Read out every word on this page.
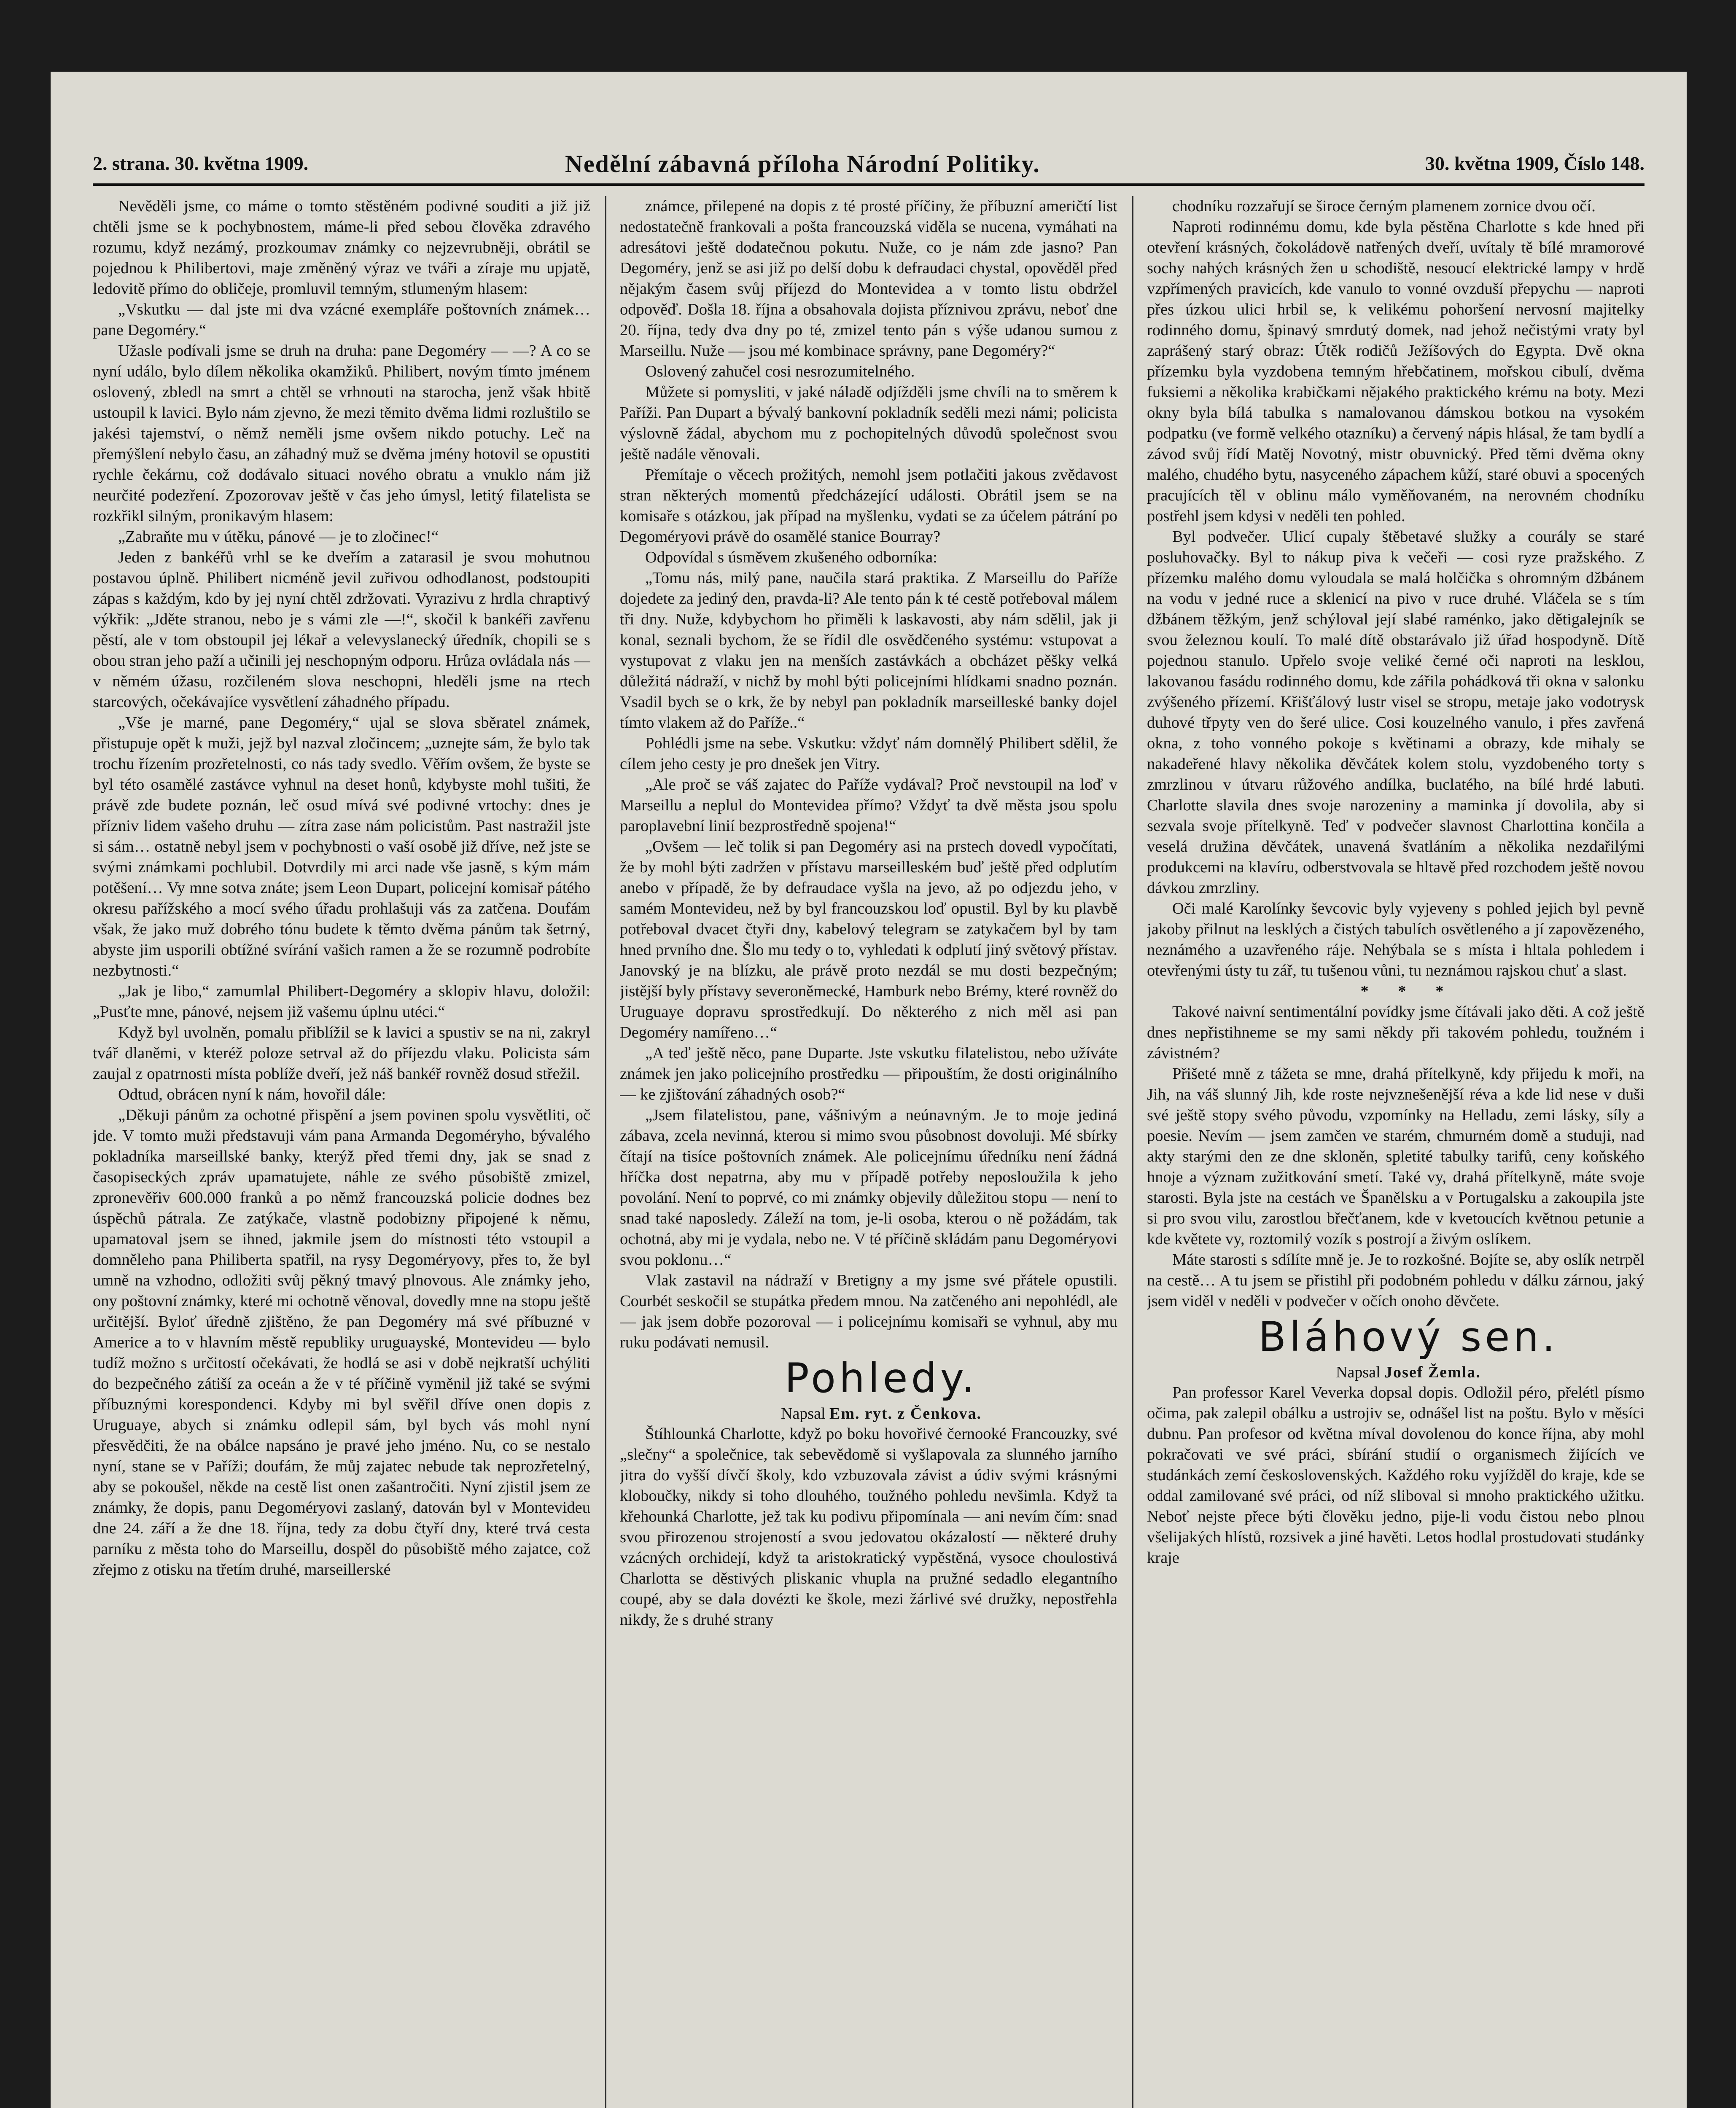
2. strana. 30. května 1909.	Nedělní zábavná příloha Národní Politiky.	30. května 1909, Číslo 148.

Nevěděli jsme, co máme o tomto stěstěném podivné souditi a již již chtěli jsme se k pochybnostem, máme-li před sebou člověka zdravého rozumu, když nezámý, prozkoumav známky co nejzevrubněji, obrátil se pojednou k Philibertovi, maje změněný výraz ve tváři a zíraje mu upjatě, ledovitě přímo do obličeje, promluvil temným, stlumeným hlasem:

„Vskutku — dal jste mi dva vzácné exempláře poštovních známek… pane Degoméry.“

Užasle podívali jsme se druh na druha: pane Degoméry — —? A co se nyní událo, bylo dílem několika okamžiků. Philibert, novým tímto jménem oslovený, zbledl na smrt a chtěl se vrhnouti na starocha, jenž však hbitě ustoupil k lavici. Bylo nám zjevno, že mezi těmito dvěma lidmi rozluštilo se jakési tajemství, o němž neměli jsme ovšem nikdo potuchy. Leč na přemýšlení nebylo času, an záhadný muž se dvěma jmény hotovil se opustiti rychle čekárnu, což dodávalo situaci nového obratu a vnuklo nám již neurčité podezření. Zpozorovav ještě v čas jeho úmysl, letitý filatelista se rozkřikl silným, pronikavým hlasem:

„Zabraňte mu v útěku, pánové — je to zločinec!“

Jeden z bankéřů vrhl se ke dveřím a zatarasil je svou mohutnou postavou úplně. Philibert nicméně jevil zuřivou odhodlanost, podstoupiti zápas s každým, kdo by jej nyní chtěl zdržovati. Vyrazivu z hrdla chraptivý výkřik: „Jděte stranou, nebo je s vámi zle —!“, skočil k bankéři zavřenu pěstí, ale v tom obstoupil jej lékař a velevyslanecký úředník, chopili se s obou stran jeho paží a učinili jej neschopným odporu. Hrůza ovládala nás — v němém úžasu, rozčileném slova neschopni, hleděli jsme na rtech starcových, očekávajíce vysvětlení záhadného případu.

„Vše je marné, pane Degoméry,“ ujal se slova sběratel známek, přistupuje opět k muži, jejž byl nazval zločincem; „uznejte sám, že bylo tak trochu řízením prozřetelnosti, co nás tady svedlo. Věřím ovšem, že byste se byl této osamělé zastávce vyhnul na deset honů, kdybyste mohl tušiti, že právě zde budete poznán, leč osud mívá své podivné vrtochy: dnes je přízniv lidem vašeho druhu — zítra zase nám policistům. Past nastražil jste si sám… ostatně nebyl jsem v pochybnosti o vaší osobě již dříve, než jste se svými známkami pochlubil. Dotvrdily mi arci nade vše jasně, s kým mám potěšení… Vy mne sotva znáte; jsem Leon Dupart, policejní komisař pátého okresu pařížského a mocí svého úřadu prohlašuji vás za zatčena. Doufám však, že jako muž dobrého tónu budete k těmto dvěma pánům tak šetrný, abyste jim usporili obtížné svírání vašich ramen a že se rozumně podrobíte nezbytnosti.“

„Jak je libo,“ zamumlal Philibert-Degoméry a sklopiv hlavu, doložil: „Pusťte mne, pánové, nejsem již vašemu úplnu utéci.“

Když byl uvolněn, pomalu přiblížil se k lavici a spustiv se na ni, zakryl tvář dlaněmi, v kteréž poloze setrval až do příjezdu vlaku. Policista sám zaujal z opatrnosti místa poblíže dveří, jež náš bankéř rovněž dosud střežil.

Odtud, obrácen nyní k nám, hovořil dále:

„Děkuji pánům za ochotné přispění a jsem povinen spolu vysvětliti, oč jde. V tomto muži představuji vám pana Armanda Degoméryho, bývalého pokladníka marseillské banky, kterýž před třemi dny, jak se snad z časopiseckých zpráv upamatujete, náhle ze svého působiště zmizel, zpronevěřiv 600.000 franků a po němž francouzská policie dodnes bez úspěchů pátrala. Ze zatýkače, vlastně podobizny připojené k němu, upamatoval jsem se ihned, jakmile jsem do místnosti této vstoupil a domněleho pana Philiberta spatřil, na rysy Degoméryovy, přes to, že byl umně na vzhodno, odložiti svůj pěkný tmavý plnovous. Ale známky jeho, ony poštovní známky, které mi ochotně věnoval, dovedly mne na stopu ještě určitější. Byloť úředně zjištěno, že pan Degoméry má své příbuzné v Americe a to v hlavním městě republiky uruguayské, Montevideu — bylo tudíž možno s určitostí očekávati, že hodlá se asi v době nejkratší uchýliti do bezpečného zátiší za oceán a že v té příčině vyměnil již také se svými příbuznými korespondenci. Kdyby mi byl svěřil dříve onen dopis z Uruguaye, abych si známku odlepil sám, byl bych vás mohl nyní přesvědčiti, že na obálce napsáno je pravé jeho jméno. Nu, co se nestalo nyní, stane se v Paříži; doufám, že můj zajatec nebude tak neprozřetelný, aby se pokoušel, někde na cestě list onen zašantročiti. Nyní zjistil jsem ze známky, že dopis, panu Degoméryovi zaslaný, datován byl v Montevideu dne 24. září a že dne 18. října, tedy za dobu čtyří dny, které trvá cesta parníku z města toho do Marseillu, dospěl do působiště mého zajatce, což zřejmo z otisku na třetím druhé, marseillerské

známce, přilepené na dopis z té prosté příčiny, že příbuzní američtí list nedostatečně frankovali a pošta francouzská viděla se nucena, vymáhati na adresátovi ještě dodatečnou pokutu. Nuže, co je nám zde jasno? Pan Degoméry, jenž se asi již po delší dobu k defraudaci chystal, opověděl před nějakým časem svůj příjezd do Montevidea a v tomto listu obdržel odpověď. Došla 18. října a obsahovala dojista příznivou zprávu, neboť dne 20. října, tedy dva dny po té, zmizel tento pán s výše udanou sumou z Marseillu. Nuže — jsou mé kombinace správny, pane Degoméry?“

Oslovený zahučel cosi nesrozumitelného.

Můžete si pomysliti, v jaké náladě odjížděli jsme chvíli na to směrem k Paříži. Pan Dupart a bývalý bankovní pokladník seděli mezi námi; policista výslovně žádal, abychom mu z pochopitelných důvodů společnost svou ještě nadále věnovali.

Přemítaje o věcech prožitých, nemohl jsem potlačiti jakous zvědavost stran některých momentů předcházející události. Obrátil jsem se na komisaře s otázkou, jak případ na myšlenku, vydati se za účelem pátrání po Degoméryovi právě do osamělé stanice Bourray?

Odpovídal s úsměvem zkušeného odborníka:

„Tomu nás, milý pane, naučila stará praktika. Z Marseillu do Paříže dojedete za jediný den, pravda-li? Ale tento pán k té cestě potřeboval málem tři dny. Nuže, kdybychom ho přiměli k laskavosti, aby nám sdělil, jak ji konal, seznali bychom, že se řídil dle osvědčeného systému: vstupovat a vystupovat z vlaku jen na menších zastávkách a obcházet pěšky velká důležitá nádraží, v nichž by mohl býti policejními hlídkami snadno poznán. Vsadil bych se o krk, že by nebyl pan pokladník marseilleské banky dojel tímto vlakem až do Paříže..“

Pohlédli jsme na sebe. Vskutku: vždyť nám domnělý Philibert sdělil, že cílem jeho cesty je pro dnešek jen Vitry.

„Ale proč se váš zajatec do Paříže vydával? Proč nevstoupil na loď v Marseillu a neplul do Montevidea přímo? Vždyť ta dvě města jsou spolu paroplavební linií bezprostředně spojena!“

„Ovšem — leč tolik si pan Degoméry asi na prstech dovedl vypočítati, že by mohl býti zadržen v přístavu marseilleském buď ještě před odplutím anebo v případě, že by defraudace vyšla na jevo, až po odjezdu jeho, v samém Montevideu, než by byl francouzskou loď opustil. Byl by ku plavbě potřeboval dvacet čtyři dny, kabelový telegram se zatykačem byl by tam hned prvního dne. Šlo mu tedy o to, vyhledati k odplutí jiný světový přístav. Janovský je na blízku, ale právě proto nezdál se mu dosti bezpečným; jistější byly přístavy severoněmecké, Hamburk nebo Brémy, které rovněž do Uruguaye dopravu sprostředkují. Do některého z nich měl asi pan Degoméry namířeno…“

„A teď ještě něco, pane Duparte. Jste vskutku filatelistou, nebo užíváte známek jen jako policejního prostředku — připouštím, že dosti originálního — ke zjištování záhadných osob?“

„Jsem filatelistou, pane, vášnivým a neúnavným. Je to moje jediná zábava, zcela nevinná, kterou si mimo svou působnost dovoluji. Mé sbírky čítají na tisíce poštovních známek. Ale policejnímu úředníku není žádná hříčka dost nepatrna, aby mu v případě potřeby neposloužila k jeho povolání. Není to poprvé, co mi známky objevily důležitou stopu — není to snad také naposledy. Záleží na tom, je-li osoba, kterou o ně požádám, tak ochotná, aby mi je vydala, nebo ne. V té příčině skládám panu Degoméryovi svou poklonu…“

Vlak zastavil na nádraží v Bretigny a my jsme své přátele opustili. Courbét seskočil se stupátka předem mnou. Na zatčeného ani nepohlédl, ale — jak jsem dobře pozoroval — i policejnímu komisaři se vyhnul, aby mu ruku podávati nemusil.

Pohledy.

Napsal Em. ryt. z Čenkova.

Štíhlounká Charlotte, když po boku hovořivé černooké Francouzky, své „slečny“ a společnice, tak sebevědomě si vyšlapovala za slunného jarního jitra do vyšší dívčí školy, kdo vzbuzovala závist a údiv svými krásnými kloboučky, nikdy si toho dlouhého, toužného pohledu nevšimla. Když ta křehounká Charlotte, jež tak ku podivu připomínala — ani nevím čím: snad svou přirozenou strojeností a svou jedovatou okázalostí — některé druhy vzácných orchidejí, když ta aristokratický vypěstěná, vysoce choulostivá Charlotta se děstivých pliskanic vhupla na pružné sedadlo elegantního coupé, aby se dala dovézti ke škole, mezi žárlivé své družky, nepostřehla nikdy, že s druhé strany

chodníku rozzařují se široce černým plamenem zornice dvou očí.

Naproti rodinnému domu, kde byla pěstěna Charlotte s kde hned při otevření krásných, čokoládově natřených dveří, uvítaly tě bílé mramorové sochy nahých krásných žen u schodiště, nesoucí elektrické lampy v hrdě vzpřímených pravicích, kde vanulo to vonné ovzduší přepychu — naproti přes úzkou ulici hrbil se, k velikému pohoršení nervosní majitelky rodinného domu, špinavý smrdutý domek, nad jehož nečistými vraty byl zaprášený starý obraz: Útěk rodičů Ježíšových do Egypta. Dvě okna přízemku byla vyzdobena temným hřebčatinem, mořskou cibulí, dvěma fuksiemi a několika krabičkami nějakého praktického krému na boty. Mezi okny byla bílá tabulka s namalovanou dámskou botkou na vysokém podpatku (ve formě velkého otazníku) a červený nápis hlásal, že tam bydlí a závod svůj řídí Matěj Novotný, mistr obuvnický. Před těmi dvěma okny malého, chudého bytu, nasyceného zápachem kůží, staré obuvi a spocených pracujících těl v oblinu málo vyměňovaném, na nerovném chodníku postřehl jsem kdysi v neděli ten pohled.

Byl podvečer. Ulicí cupaly štěbetavé služky a courály se staré posluhovačky. Byl to nákup piva k večeři — cosi ryze pražského. Z přízemku malého domu vyloudala se malá holčička s ohromným džbánem na vodu v jedné ruce a sklenicí na pivo v ruce druhé. Vláčela se s tím džbánem těžkým, jenž schýloval její slabé raménko, jako dětigalejník se svou železnou koulí. To malé dítě obstarávalo již úřad hospodyně. Dítě pojednou stanulo. Upřelo svoje veliké černé oči naproti na lesklou, lakovanou fasádu rodinného domu, kde zářila pohádková tři okna v salonku zvýšeného přízemí. Křišťálový lustr visel se stropu, metaje jako vodotrysk duhové třpyty ven do šeré ulice. Cosi kouzelného vanulo, i přes zavřená okna, z toho vonného pokoje s květinami a obrazy, kde mihaly se nakadeřené hlavy několika děvčátek kolem stolu, vyzdobeného torty s zmrzlinou v útvaru růžového andílka, buclatého, na bílé hrdé labuti. Charlotte slavila dnes svoje narozeniny a maminka jí dovolila, aby si sezvala svoje přítelkyně. Teď v podvečer slavnost Charlottina končila a veselá družina děvčátek, unavená švatláním a několika nezdařilými produkcemi na klavíru, odberstvovala se hltavě před rozchodem ještě novou dávkou zmrzliny.

Oči malé Karolínky ševcovic byly vyjeveny s pohled jejich byl pevně jakoby přilnut na lesklých a čistých tabulích osvětleného a jí zapovězeného, neznámého a uzavřeného ráje. Nehýbala se s místa i hltala pohledem i otevřenými ústy tu zář, tu tušenou vůni, tu neznámou rajskou chuť a slast.

* * *

Takové naivní sentimentální povídky jsme čítávali jako děti. A což ještě dnes nepřistihneme se my sami někdy při takovém pohledu, toužném i závistném?

Přišeté mně z tážeta se mne, drahá přítelkyně, kdy přijedu k moři, na Jih, na váš slunný Jih, kde roste nejvznešenější réva a kde lid nese v duši své ještě stopy svého původu, vzpomínky na Helladu, zemi lásky, síly a poesie. Nevím — jsem zamčen ve starém, chmurném domě a studuji, nad akty starými den ze dne skloněn, spletité tabulky tarifů, ceny koňského hnoje a význam zužitkování smetí. Také vy, drahá přítelkyně, máte svoje starosti. Byla jste na cestách ve Španělsku a v Portugalsku a zakoupila jste si pro svou vilu, zarostlou břečťanem, kde v kvetoucích květnou petunie a kde květete vy, roztomilý vozík s postrojí a živým oslíkem.

Máte starosti s sdílíte mně je. Je to rozkošné. Bojíte se, aby oslík netrpěl na cestě… A tu jsem se přistihl při podobném pohledu v dálku zárnou, jaký jsem viděl v neděli v podvečer v očích onoho děvčete.

Bláhový sen.

Napsal Josef Žemla.

Pan professor Karel Veverka dopsal dopis. Odložil péro, přelétl písmo očima, pak zalepil obálku a ustrojiv se, odnášel list na poštu. Bylo v měsíci dubnu. Pan profesor od května míval dovolenou do konce října, aby mohl pokračovati ve své práci, sbírání studií o organismech žijících ve studánkách zemí československých. Každého roku vyjížděl do kraje, kde se oddal zamilované své práci, od níž sliboval si mnoho praktického užitku. Neboť nejste přece býti člověku jedno, pije-li vodu čistou nebo plnou všelijakých hlístů, rozsivek a jiné havěti. Letos hodlal prostudovati studánky kraje
